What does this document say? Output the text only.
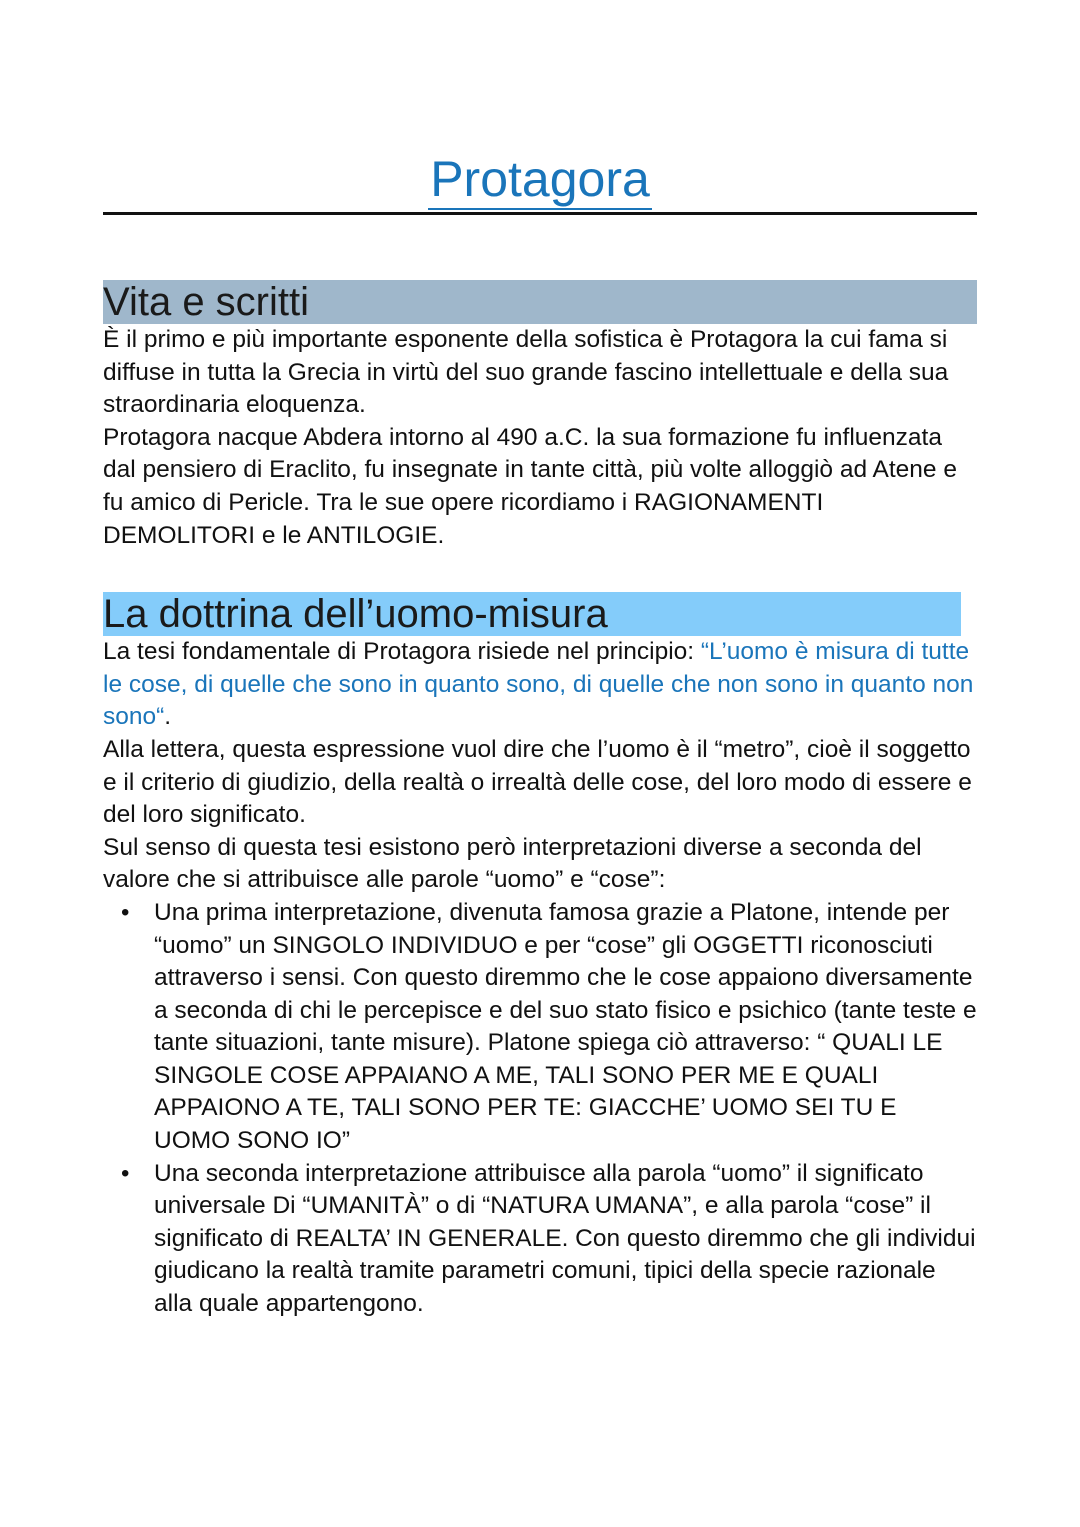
Protagora
Vita e scritti

È il primo e più importante esponente della sofistica è Protagora la cui fama si diffuse in tutta la Grecia in virtù del suo grande fascino intellettuale e della sua straordinaria eloquenza.

Protagora nacque Abdera intorno al 490 a.C. la sua formazione fu influenzata dal pensiero di Eraclito, fu insegnate in tante città, più volte alloggiò ad Atene e fu amico di Pericle. Tra le sue opere ricordiamo i RAGIONAMENTI DEMOLITORI e le ANTILOGIE.

La dottrina dell’uomo-misura

La tesi fondamentale di Protagora risiede nel principio: “L’uomo è misura di tutte le cose, di quelle che sono in quanto sono, di quelle che non sono in quanto non sono“.

Alla lettera, questa espressione vuol dire che l’uomo è il “metro”, cioè il soggetto e il criterio di giudizio, della realtà o irrealtà delle cose, del loro modo di essere e del loro significato.

Sul senso di questa tesi esistono però interpretazioni diverse a seconda del valore che si attribuisce alle parole “uomo” e “cose”:

• Una prima interpretazione, divenuta famosa grazie a Platone, intende per “uomo” un SINGOLO INDIVIDUO e per “cose” gli OGGETTI riconosciuti attraverso i sensi. Con questo diremmo che le cose appaiono diversamente a seconda di chi le percepisce e del suo stato fisico e psichico (tante teste e tante situazioni, tante misure). Platone spiega ciò attraverso: “ QUALI LE SINGOLE COSE APPAIANO A ME, TALI SONO PER ME E QUALI APPAIONO A TE, TALI SONO PER TE: GIACCHE’ UOMO SEI TU E UOMO SONO IO”
• Una seconda interpretazione attribuisce alla parola “uomo” il significato universale Di “UMANITÀ” o di “NATURA UMANA”, e alla parola “cose” il significato di REALTA’ IN GENERALE. Con questo diremmo che gli individui giudicano la realtà tramite parametri comuni, tipici della specie razionale alla quale appartengono.
